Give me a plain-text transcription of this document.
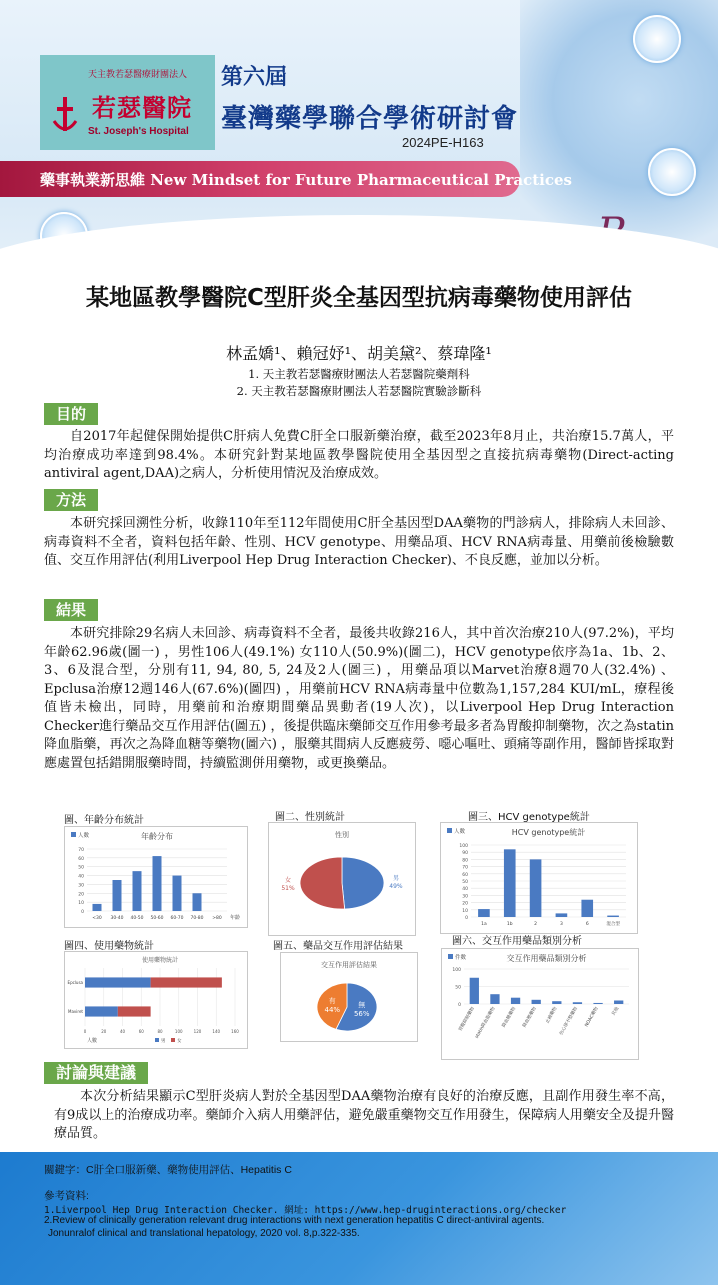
天主教若瑟醫療財團法人
若瑟醫院
St. Joseph's Hospital
第六屆
臺灣藥學聯合學術研討會
2024PE-H163
藥事執業新思維 New Mindset for Future Pharmaceutical Practices
某地區教學醫院C型肝炎全基因型抗病毒藥物使用評估
林孟嬌¹、賴冠妤¹、胡美黛²、蔡瑋隆¹
1. 天主教若瑟醫療財團法人若瑟醫院藥劑科
2. 天主教若瑟醫療財團法人若瑟醫院實驗診斷科
目的
自2017年起健保開始提供C肝病人免費C肝全口服新藥治療，截至2023年8月止，共治療15.7萬人，平均治療成功率達到98.4%。本研究針對某地區教學醫院使用全基因型之直接抗病毒藥物(Direct-acting antiviral agent,DAA)之病人，分析使用情況及治療成效。
方法
本研究採回溯性分析，收錄110年至112年間使用C肝全基因型DAA藥物的門診病人，排除病人未回診、病毒資料不全者，資料包括年齡、性別、HCV genotype、用藥品項、HCV RNA病毒量、用藥前後檢驗數值、交互作用評估(利用Liverpool Hep Drug Interaction Checker)、不良反應，並加以分析。
結果
本研究排除29名病人未回診、病毒資料不全者，最後共收錄216人，其中首次治療210人(97.2%)，平均年齡62.96歲(圖一) ，男性106人(49.1%) 女110人(50.9%)(圖二)，HCV genotype依序為1a、1b、2、3、6及混合型，分別有11, 94, 80, 5, 24及2人(圖三) ，用藥品項以Marvet治療8週70人(32.4%) 、Epclusa治療12週146人(67.6%)(圖四) ，用藥前HCV RNA病毒量中位數為1,157,284 KUI/mL，療程後值皆未檢出，同時，用藥前和治療期間藥品異動者(19人次)，以Liverpool Hep Drug Interaction Checker進行藥品交互作用評估(圖五) ，後提供臨床藥師交互作用參考最多者為胃酸抑制藥物，次之為statin降血脂藥，再次之為降血糖等藥物(圖六) ，服藥其間病人反應疲勞、噁心嘔吐、頭痛等副作用，醫師皆採取對應處置包括錯開服藥時間，持續監測併用藥物，或更換藥品。
圖、年齡分布統計	圖二、性別統計	圖三、HCV genotype統計
圖四、使用藥物統計	圖五、藥品交互作用評估結果	圖六、交互作用藥品類別分析
年齡分布
人數
0
10
20
30
40
50
60
70
<30 30-40 40-50 50-60 60-70 70-80 >80 年齡
性別
男
49%
女
51%
HCV genotype統計
人數
0
10
20
30
40
50
60
70
80
90
100
1a	1b	2	3	6	混合型
使用藥物統計
0	20	40	60	80	100	120	140	160
Epclusa
Maviret
人數	男	女
交互作用評估結果
無
56%
有
44%
交互作用藥品類別分析
件數
0
50
100
胃酸抑制藥物
statin降血脂藥物	降血糖藥物	降血壓藥物	止痛藥物 抗心律不整藥物	NOAC藥物	其他
討論與建議
本次分析結果顯示C型肝炎病人對於全基因型DAA藥物治療有良好的治療反應，且副作用發生率不高，有9成以上的治療成功率。藥師介入病人用藥評估，避免嚴重藥物交互作用發生，保障病人用藥安全及提升醫療品質。
關鍵字：C肝全口服新藥、藥物使用評估、Hepatitis C
參考資料:
1.Liverpool Hep Drug Interaction Checker. 網址: https://www.hep-druginteractions.org/checker
2.Review of clinically generation relevant drug interactions with next generation hepatitis C direct-antiviral agents.
Jonunralof clinical and translational hepatology, 2020 vol. 8,p.322-335.
